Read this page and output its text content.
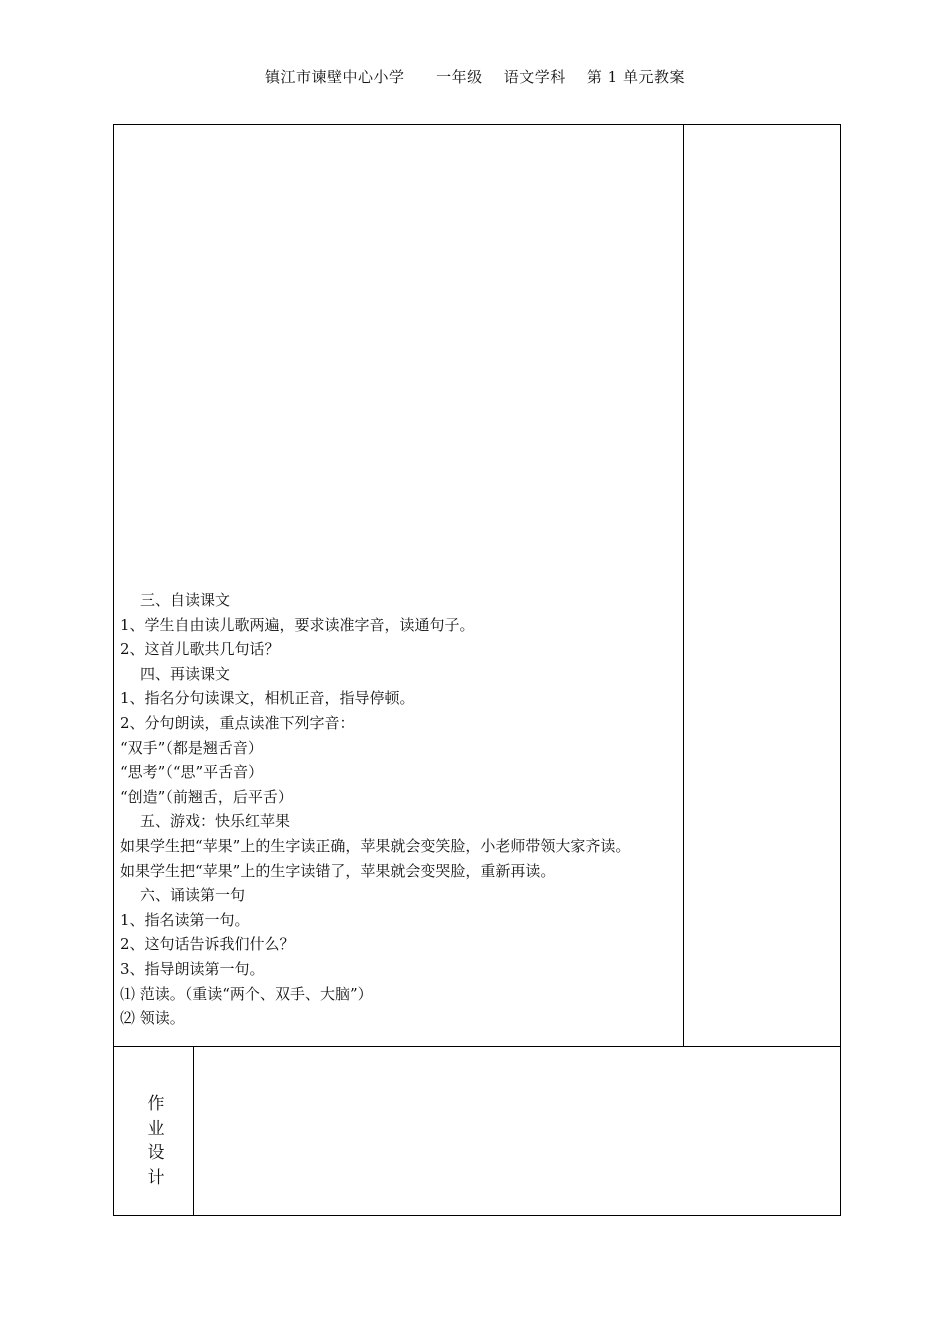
镇江市谏壁中心小学 一年级 语文学科 第 1 单元教案
三、自读课文
1、学生自由读儿歌两遍，要求读准字音，读通句子。
2、这首儿歌共几句话？
四、再读课文
1、指名分句读课文，相机正音，指导停顿。
2、分句朗读，重点读准下列字音：
“双手”（都是翘舌音）
“思考”（“思”平舌音）
“创造”（前翘舌，后平舌）
五、游戏：快乐红苹果
如果学生把“苹果”上的生字读正确，苹果就会变笑脸，小老师带领大家齐读。
如果学生把“苹果”上的生字读错了，苹果就会变哭脸，重新再读。
六、诵读第一句
1、指名读第一句。
2、这句话告诉我们什么？
3、指导朗读第一句。
⑴ 范读。（重读“两个、双手、大脑”）
⑵ 领读。
作
业
设
计
